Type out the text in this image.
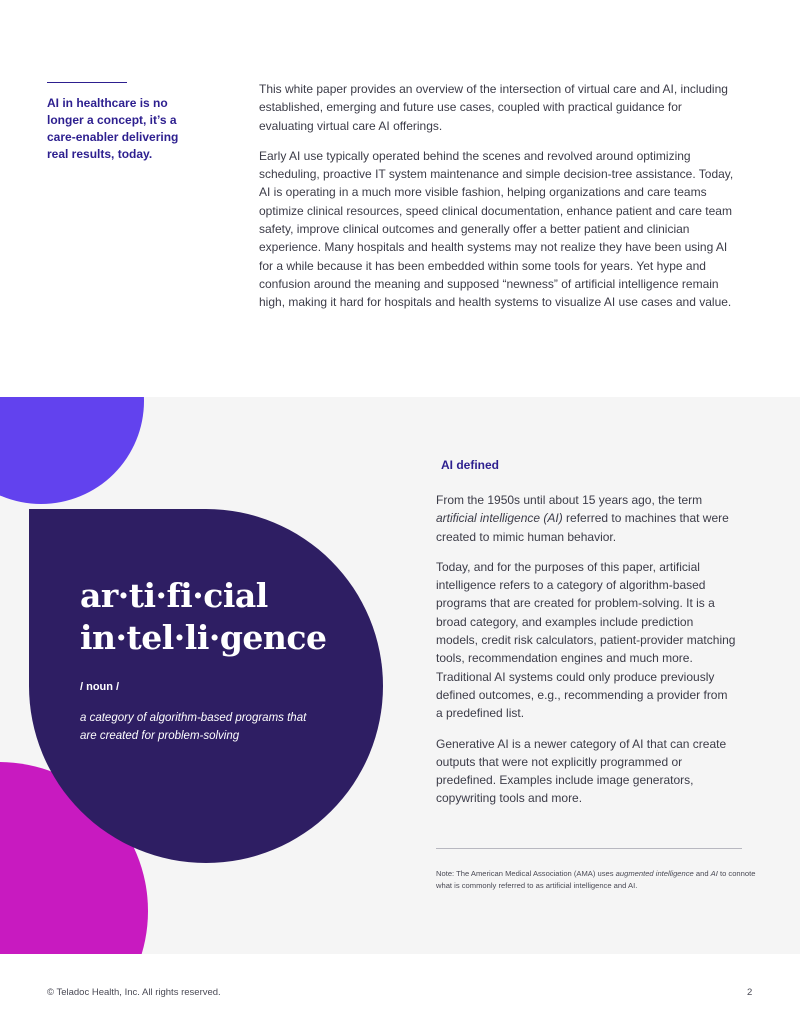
AI in healthcare is no longer a concept, it’s a care-enabler delivering real results, today.

This white paper provides an overview of the intersection of virtual care and AI, including established, emerging and future use cases, coupled with practical guidance for evaluating virtual care AI offerings.

Early AI use typically operated behind the scenes and revolved around optimizing scheduling, proactive IT system maintenance and simple decision-tree assistance. Today, AI is operating in a much more visible fashion, helping organizations and care teams optimize clinical resources, speed clinical documentation, enhance patient and care team safety, improve clinical outcomes and generally offer a better patient and clinician experience. Many hospitals and health systems may not realize they have been using AI for a while because it has been embedded within some tools for years. Yet hype and confusion around the meaning and supposed “newness” of artificial intelligence remain high, making it hard for hospitals and health systems to visualize AI use cases and value.

ar·ti·fi·cial
in·tel·li·gence
/ noun /
a category of algorithm-based programs that are created for problem-solving
AI defined

From the 1950s until about 15 years ago, the term artificial intelligence (AI) referred to machines that were created to mimic human behavior.

Today, and for the purposes of this paper, artificial intelligence refers to a category of algorithm-based programs that are created for problem-solving. It is a broad category, and examples include prediction models, credit risk calculators, patient-provider matching tools, recommendation engines and much more. Traditional AI systems could only produce previously defined outcomes, e.g., recommending a provider from a predefined list.

Generative AI is a newer category of AI that can create outputs that were not explicitly programmed or predefined. Examples include image generators, copywriting tools and more.

Note: The American Medical Association (AMA) uses augmented intelligence and AI to connote what is commonly referred to as artificial intelligence and AI.

© Teladoc Health, Inc. All rights reserved.	2
